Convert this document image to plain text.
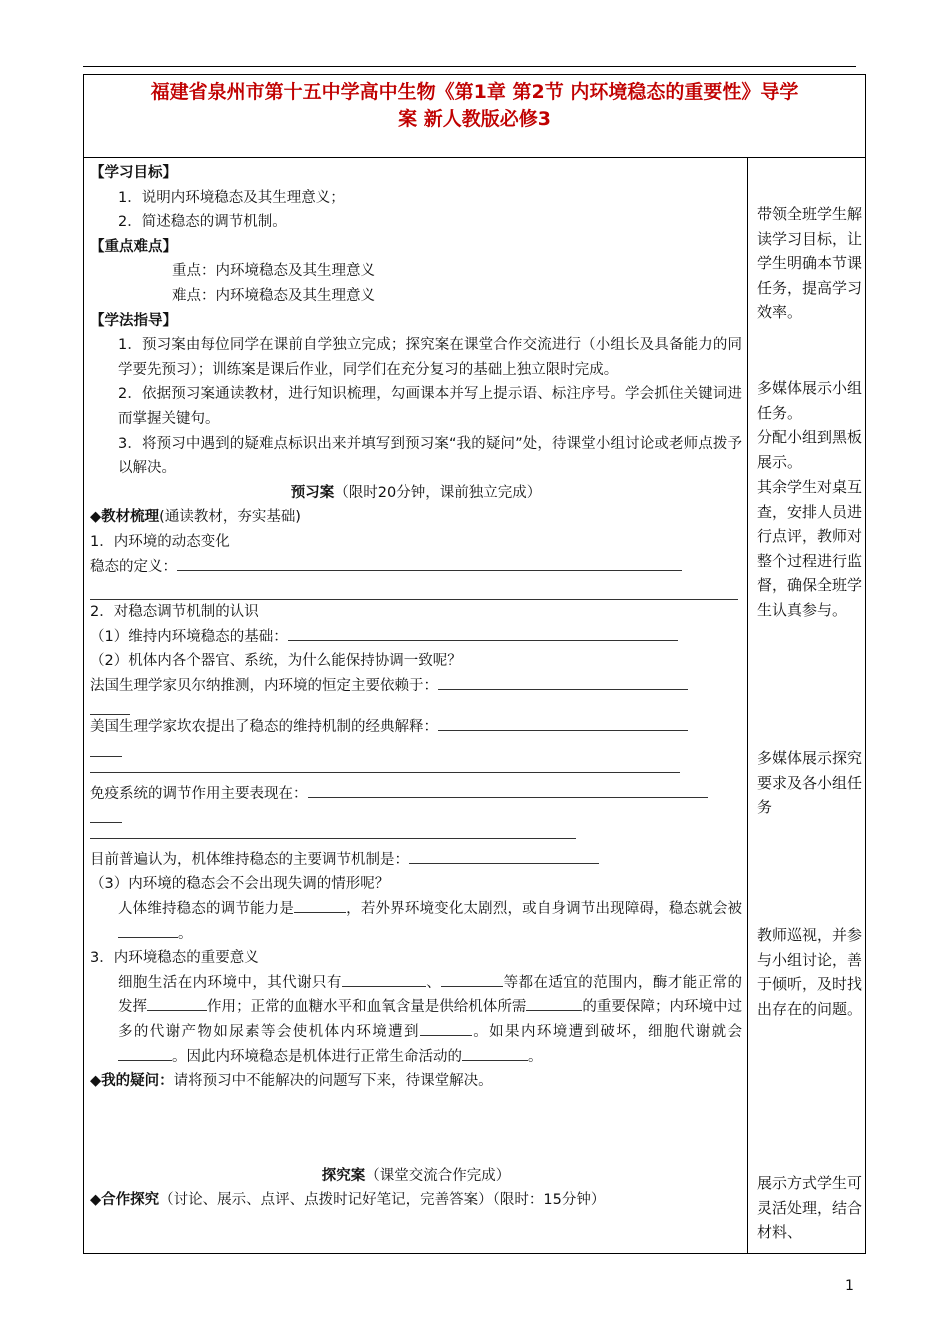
福建省泉州市第十五中学高中生物《第1章 第2节 内环境稳态的重要性》导学
案 新人教版必修3

【学习目标】

1．说明内环境稳态及其生理意义；

2．简述稳态的调节机制。

【重点难点】

重点：内环境稳态及其生理意义

难点：内环境稳态及其生理意义

【学法指导】

1．预习案由每位同学在课前自学独立完成；探究案在课堂合作交流进行（小组长及具备能力的同学要先预习）；训练案是课后作业，同学们在充分复习的基础上独立限时完成。

2．依据预习案通读教材，进行知识梳理，勾画课本并写上提示语、标注序号。学会抓住关键词进而掌握关键句。

3．将预习中遇到的疑难点标识出来并填写到预习案“我的疑问”处，待课堂小组讨论或老师点拨予以解决。

预习案（限时20分钟，课前独立完成）

◆教材梳理(通读教材，夯实基础)

1．内环境的动态变化

稳态的定义：

2．对稳态调节机制的认识

（1）维持内环境稳态的基础：

（2）机体内各个器官、系统，为什么能保持协调一致呢？

法国生理学家贝尔纳推测，内环境的恒定主要依赖于：

美国生理学家坎农提出了稳态的维持机制的经典解释：

免疫系统的调节作用主要表现在：

目前普遍认为，机体维持稳态的主要调节机制是：

（3）内环境的稳态会不会出现失调的情形呢？

人体维持稳态的调节能力是	，若外界环境变化太剧烈，或自身调节出现障碍，稳态就会被。

3．内环境稳态的重要意义

细胞生活在内环境中，其代谢只有	、	等都在适宜的范围内，酶才能正常的发挥	作用；正常的血糖水平和血氧含量是供给机体所需	的重要保障；内环境中过多的代谢产物如尿素等会使机体内环境遭到	。如果内环境遭到破坏，细胞代谢就会。因此内环境稳态是机体进行正常生命活动的	。

◆我的疑问：请将预习中不能解决的问题写下来，待课堂解决。

探究案（课堂交流合作完成）

◆合作探究（讨论、展示、点评、点拨时记好笔记，完善答案）（限时：15分钟）

带领全班学生解读学习目标，让学生明确本节课任务，提高学习效率。

多媒体展示小组任务。

分配小组到黑板展示。

其余学生对桌互查，安排人员进行点评，教师对整个过程进行监督，确保全班学生认真参与。

多媒体展示探究要求及各小组任务

教师巡视，并参与小组讨论，善于倾听，及时找出存在的问题。

展示方式学生可灵活处理，结合材料、

1
